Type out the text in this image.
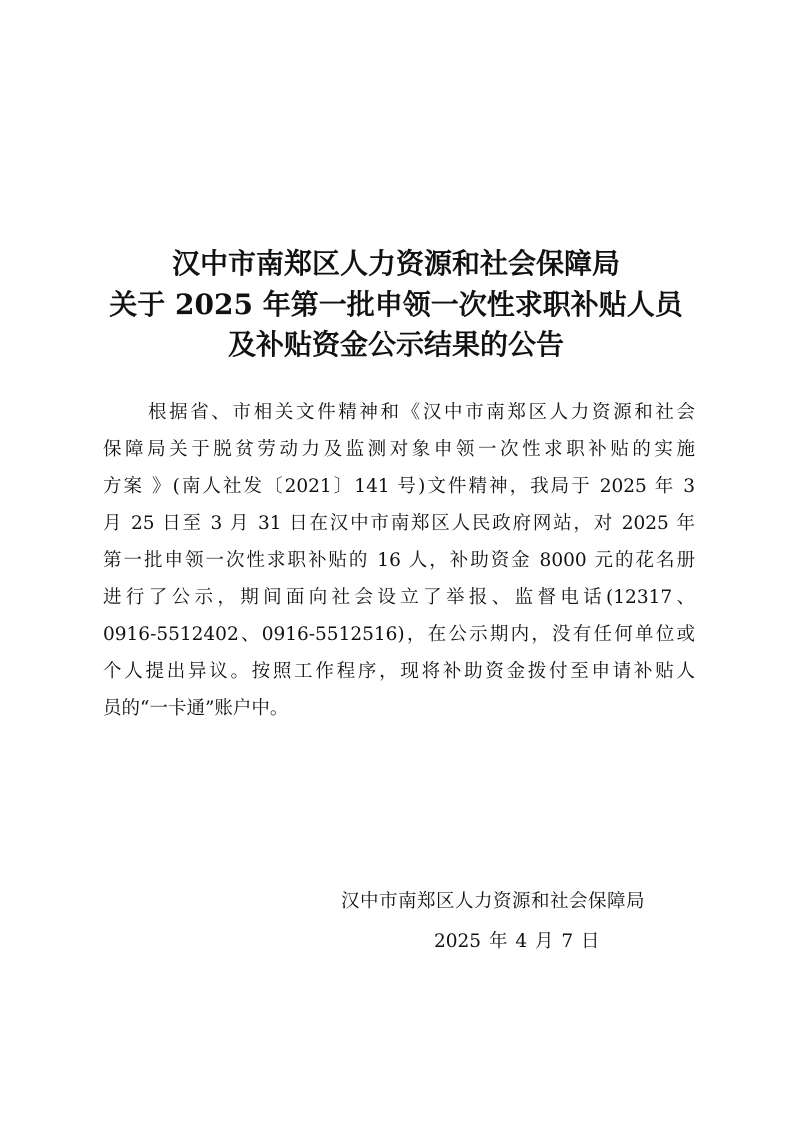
汉中市南郑区人力资源和社会保障局
关于 2025 年第一批申领一次性求职补贴人员
及补贴资金公示结果的公告

根据省、市相关文件精神和《汉中市南郑区人力资源和社会

保障局关于脱贫劳动力及监测对象申领一次性求职补贴的实施

方案 》(南人社发〔2021〕141 号)文件精神，我局于 2025 年 3

月 25 日至 3 月 31 日在汉中市南郑区人民政府网站，对 2025 年

第一批申领一次性求职补贴的 16 人，补助资金 8000 元的花名册

进行了公示，期间面向社会设立了举报、监督电话(12317、

0916-5512402、0916-5512516)，在公示期内，没有任何单位或

个人提出异议。按照工作程序，现将补助资金拨付至申请补贴人

员的“一卡通”账户中。

汉中市南郑区人力资源和社会保障局

2025 年 4 月 7 日
